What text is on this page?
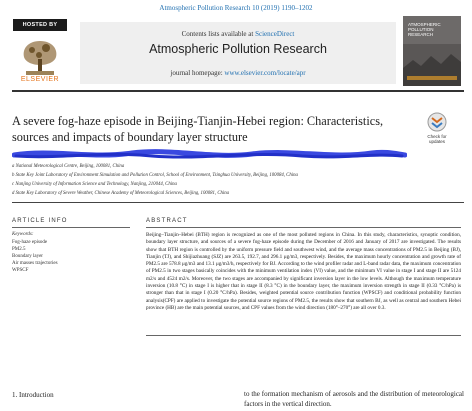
Atmospheric Pollution Research 10 (2019) 1190–1202
HOSTED BY
ELSEVIER
Contents lists available at ScienceDirect
Atmospheric Pollution Research
journal homepage: www.elsevier.com/locate/apr
ATMOSPHERIC POLLUTION RESEARCH
A severe fog-haze episode in Beijing-Tianjin-Hebei region: Characteristics, sources and impacts of boundary layer structure	Check for updates
a National Meteorological Centre, Beijing, 100081, China
b State Key Joint Laboratory of Environment Simulation and Pollution Control, School of Environment, Tsinghua University, Beijing, 100084, China
c Nanjing University of Information Science and Technology, Nanjing, 210044, China
d State Key Laboratory of Severe Weather, Chinese Academy of Meteorological Sciences, Beijing, 100081, China
ARTICLE INFO	ABSTRACT
Keywords:
Fog-haze episode
PM2.5
Boundary layer
Air masses trajectories
WPSCF
Beijing–Tianjin–Hebei (BTH) region is recognized as one of the most polluted regions in China. In this study, characteristics, synoptic condition, boundary layer structure, and sources of a severe fog-haze episode during the December of 2016 and January of 2017 are investigated. The results show that BTH region is controlled by the uniform pressure field and southwest wind, and the average mass concentrations of PM2.5 in Beijing (BJ), Tianjin (TJ), and Shijiazhuang (SJZ) are 263.5, 192.7, and 296.1 μg/m3, respectively. Besides, the maximum hourly concentration and growth rate of PM2.5 are 578.8 μg/m3 and 13.1 μg/m3/h, respectively for BJ. According to the wind profiler radar and L-band radar data, the maximum concentration of PM2.5 in two stages basically coincides with the minimum ventilation index (VI) value, and the minimum VI value in stage I and stage II are 5124 m2/s and 4524 m2/s. Moreover, the two stages are accompanied by significant inversion layer in the low levels. Although the maximum temperature inversion (10.8 °C) in stage I is higher that in stage II (8.3 °C) in the boundary layer, the maximum inversion strength in stage II (0.33 °C/hPa) is stronger than that in stage I (0.20 °C/hPa). Besides, weighted potential source contribution function (WPSCF) and conditional probability function analysis(CPF) are applied to investigate the potential source regions of PM2.5, the results show that southern BJ, as well as central and southern Hebei province (HB) are the main potential sources, and CPF values from the wind direction (180°–270°) are all over 0.3.
1. Introduction	to the formation mechanism of aerosols and the distribution of meteorological factors in the vertical direction.
